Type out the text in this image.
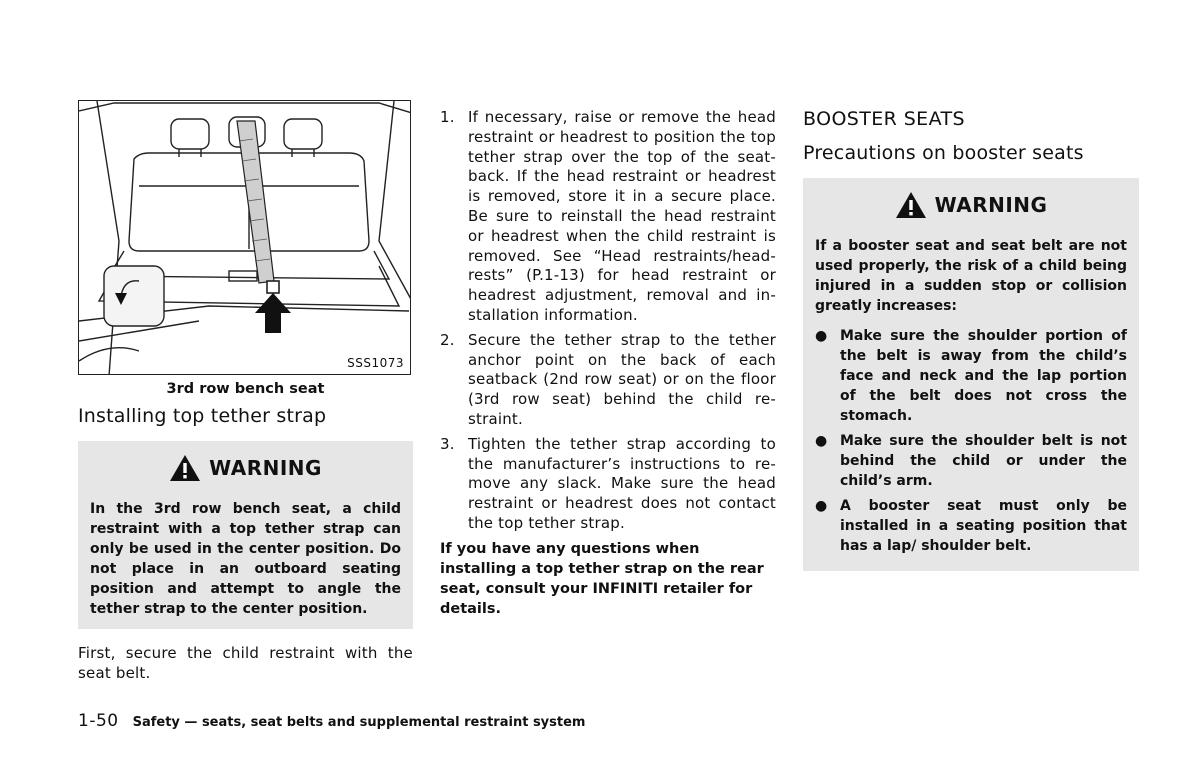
SSS1073
3rd row bench seat
Installing top tether strap
WARNING
In the 3rd row bench seat, a child restraint with a top tether strap can only be used in the center position. Do not place in an outboard seating position and attempt to angle the tether strap to the center position.
First, secure the child restraint with the seat belt.
1. If necessary, raise or remove the head restraint or headrest to position the top tether strap over the top of the seat-back. If the head restraint or headrest is removed, store it in a secure place. Be sure to reinstall the head restraint or headrest when the child restraint is removed. See “Head restraints/head-rests” (P.1-13) for head restraint or headrest adjustment, removal and in-stallation information.
2. Secure the tether strap to the tether anchor point on the back of each seatback (2nd row seat) or on the floor (3rd row seat) behind the child re-straint.
3. Tighten the tether strap according to the manufacturer’s instructions to re-move any slack. Make sure the head restraint or headrest does not contact the top tether strap.
If you have any questions when installing a top tether strap on the rear seat, consult your INFINITI retailer for details.
BOOSTER SEATS
Precautions on booster seats
WARNING
If a booster seat and seat belt are not used properly, the risk of a child being injured in a sudden stop or collision greatly increases:
● Make sure the shoulder portion of the belt is away from the child’s face and neck and the lap portion of the belt does not cross the stomach.
● Make sure the shoulder belt is not behind the child or under the child’s arm.
● A booster seat must only be installed in a seating position that has a lap/ shoulder belt.
1-50 Safety — seats, seat belts and supplemental restraint system
